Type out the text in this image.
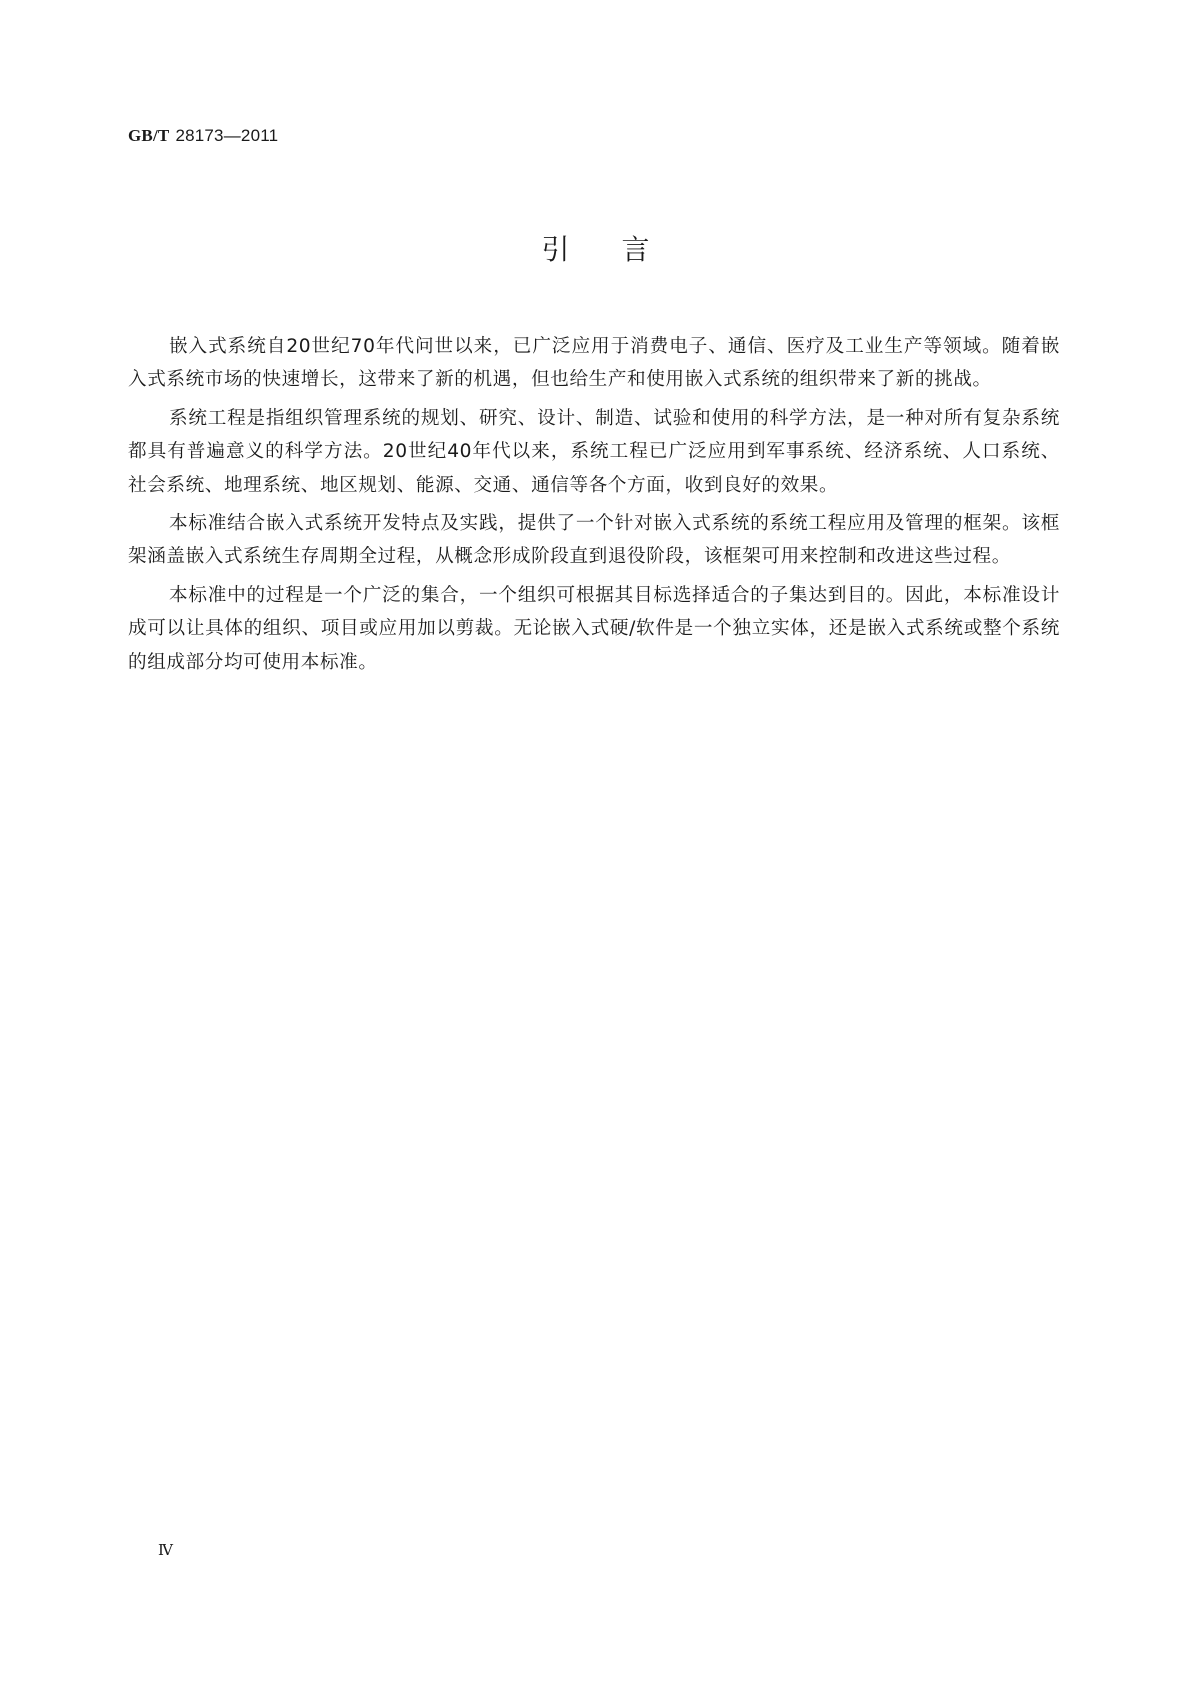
GB/T 28173—2011
引言

嵌入式系统自20世纪70年代问世以来，已广泛应用于消费电子、通信、医疗及工业生产等领域。随着嵌入式系统市场的快速增长，这带来了新的机遇，但也给生产和使用嵌入式系统的组织带来了新的挑战。

系统工程是指组织管理系统的规划、研究、设计、制造、试验和使用的科学方法，是一种对所有复杂系统都具有普遍意义的科学方法。20世纪40年代以来，系统工程已广泛应用到军事系统、经济系统、人口系统、社会系统、地理系统、地区规划、能源、交通、通信等各个方面，收到良好的效果。

本标准结合嵌入式系统开发特点及实践，提供了一个针对嵌入式系统的系统工程应用及管理的框架。该框架涵盖嵌入式系统生存周期全过程，从概念形成阶段直到退役阶段，该框架可用来控制和改进这些过程。

本标准中的过程是一个广泛的集合，一个组织可根据其目标选择适合的子集达到目的。因此，本标准设计成可以让具体的组织、项目或应用加以剪裁。无论嵌入式硬/软件是一个独立实体，还是嵌入式系统或整个系统的组成部分均可使用本标准。

Ⅳ
